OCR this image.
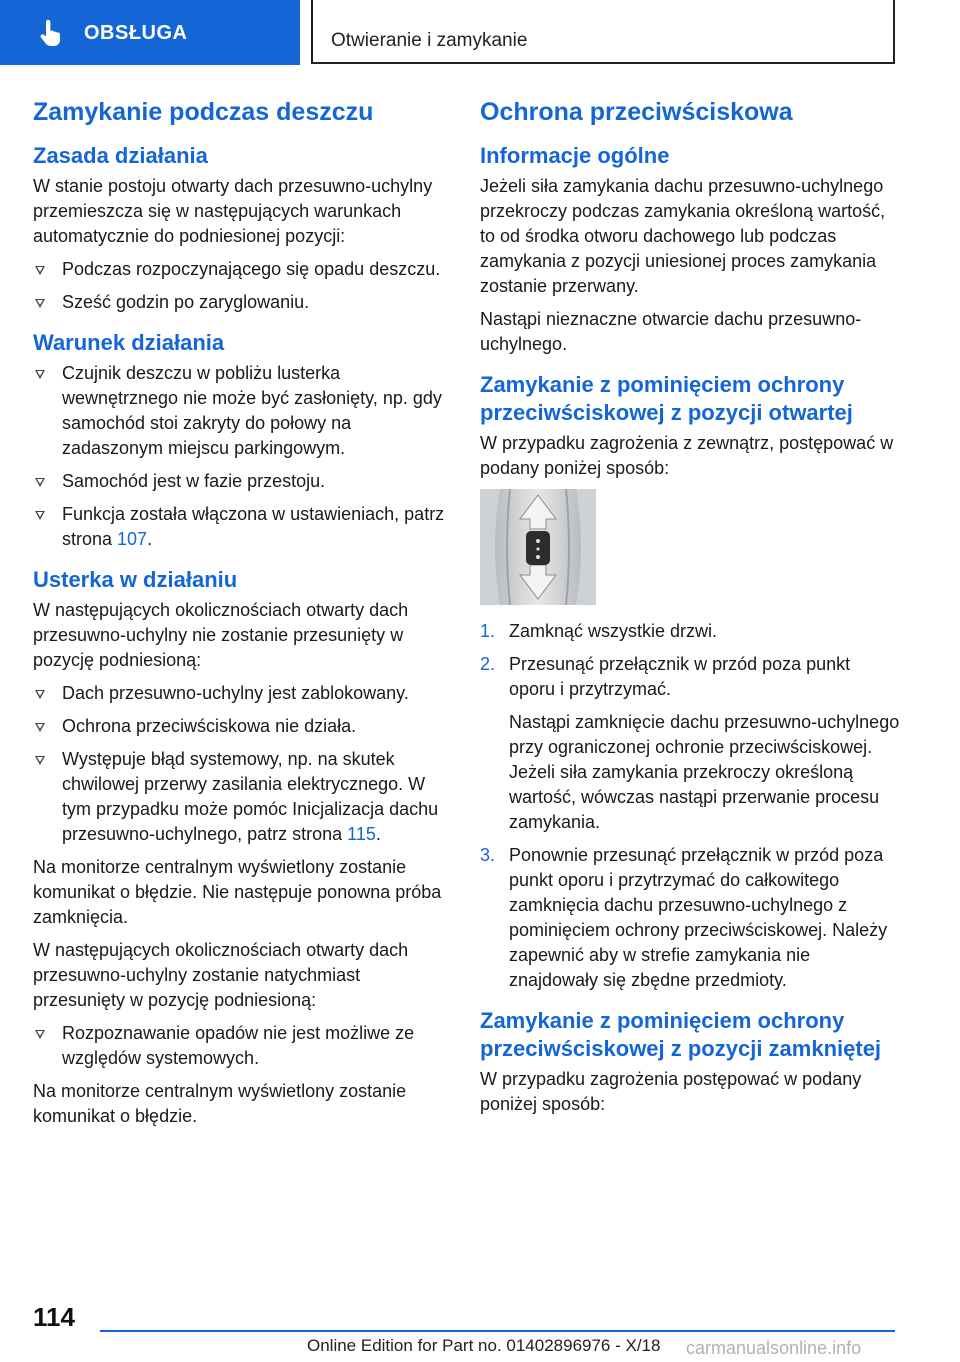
OBSŁUGA	Otwieranie i zamykanie
Zamykanie podczas deszczu
Zasada działania

W stanie postoju otwarty dach przesuwno-uchylny przemieszcza się w następujących warunkach automatycznie do podniesionej pozycji:

Podczas rozpoczynającego się opadu deszczu.
Sześć godzin po zaryglowaniu.
Warunek działania
Czujnik deszczu w pobliżu lusterka wewnętrznego nie może być zasłonięty, np. gdy samochód stoi zakryty do połowy na zadaszonym miejscu parkingowym.
Samochód jest w fazie przestoju.
Funkcja została włączona w ustawieniach, patrz strona 107.
Usterka w działaniu

W następujących okolicznościach otwarty dach przesuwno-uchylny nie zostanie przesunięty w pozycję podniesioną:

Dach przesuwno-uchylny jest zablokowany.
Ochrona przeciwściskowa nie działa.
Występuje błąd systemowy, np. na skutek chwilowej przerwy zasilania elektrycznego. W tym przypadku może pomóc Inicjalizacja dachu przesuwno-uchylnego, patrz strona 115.

Na monitorze centralnym wyświetlony zostanie komunikat o błędzie. Nie następuje ponowna próba zamknięcia.

W następujących okolicznościach otwarty dach przesuwno-uchylny zostanie natychmiast przesunięty w pozycję podniesioną:

Rozpoznawanie opadów nie jest możliwe ze względów systemowych.

Na monitorze centralnym wyświetlony zostanie komunikat o błędzie.

Ochrona przeciwściskowa
Informacje ogólne

Jeżeli siła zamykania dachu przesuwno-uchylnego przekroczy podczas zamykania określoną wartość, to od środka otworu dachowego lub podczas zamykania z pozycji uniesionej proces zamykania zostanie przerwany.

Nastąpi nieznaczne otwarcie dachu przesuwno-uchylnego.

Zamykanie z pominięciem ochrony przeciwściskowej z pozycji otwartej

W przypadku zagrożenia z zewnątrz, postępować w podany poniżej sposób:

1. Zamknąć wszystkie drzwi.
2. Przesunąć przełącznik w przód poza punkt oporu i przytrzymać.

Nastąpi zamknięcie dachu przesuwno-uchylnego przy ograniczonej ochronie przeciwściskowej. Jeżeli siła zamykania przekroczy określoną wartość, wówczas nastąpi przerwanie procesu zamykania.

3. Ponownie przesunąć przełącznik w przód poza punkt oporu i przytrzymać do całkowitego zamknięcia dachu przesuwno-uchylnego z pominięciem ochrony przeciwściskowej. Należy zapewnić aby w strefie zamykania nie znajdowały się zbędne przedmioty.
Zamykanie z pominięciem ochrony przeciwściskowej z pozycji zamkniętej

W przypadku zagrożenia postępować w podany poniżej sposób:

114
Online Edition for Part no. 01402896976 - X/18 carmanualsonline.info
